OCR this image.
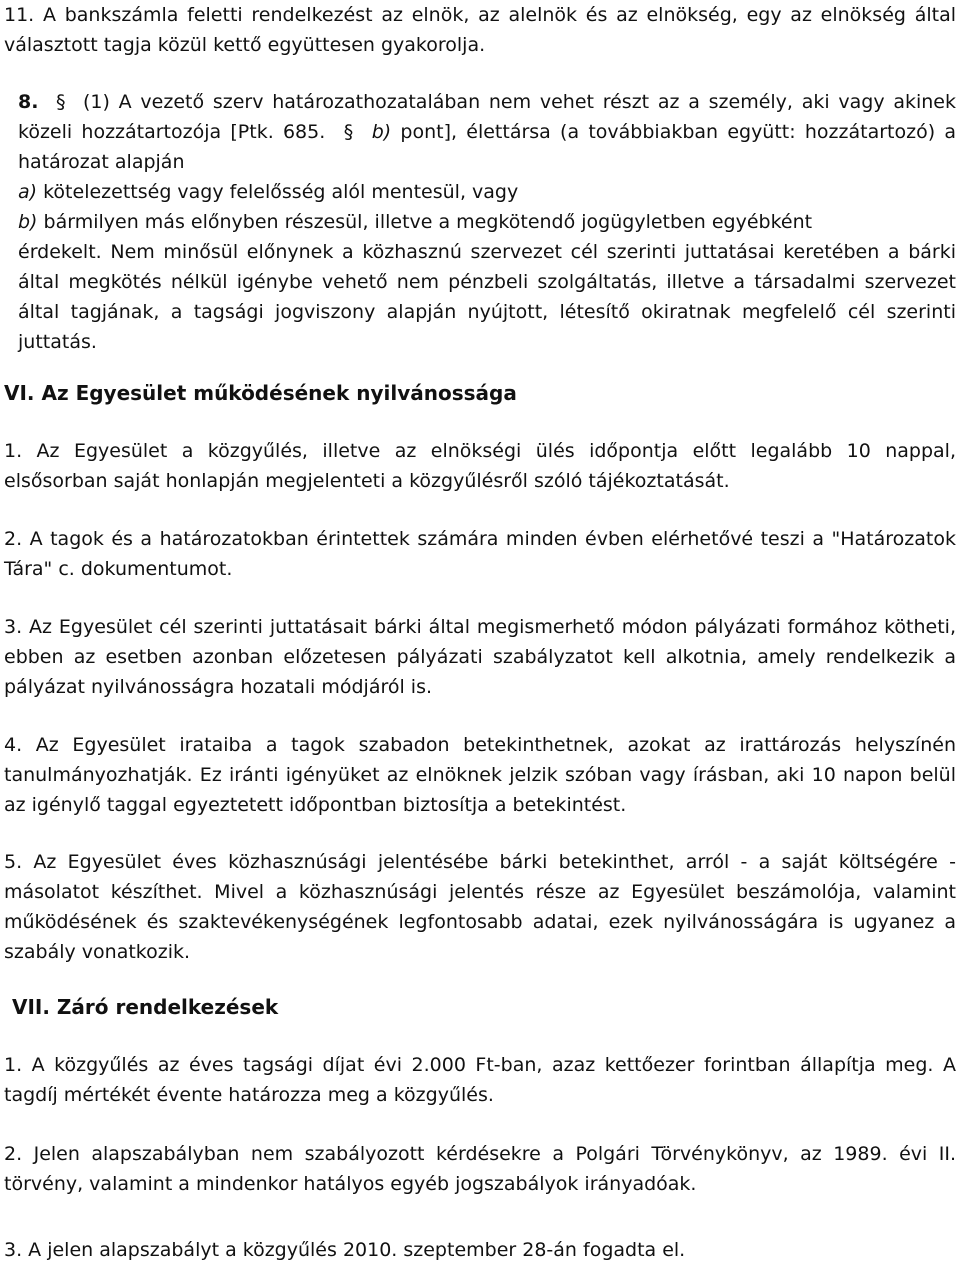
11. A bankszámla feletti rendelkezést az elnök, az alelnök és az elnökség, egy az elnökség által választott tagja közül kettő együttesen gyakorolja.

8.  §  (1) A vezető szerv határozathozatalában nem vehet részt az a személy, aki vagy akinek közeli hozzátartozója [Ptk. 685.  §  b) pont], élettársa (a továbbiakban együtt: hozzátartozó) a határozat alapján
a) kötelezettség vagy felelősség alól mentesül, vagy
b) bármilyen más előnyben részesül, illetve a megkötendő jogügyletben egyébként
érdekelt. Nem minősül előnynek a közhasznú szervezet cél szerinti juttatásai keretében a bárki által megkötés nélkül igénybe vehető nem pénzbeli szolgáltatás, illetve a társadalmi szervezet által tagjának, a tagsági jogviszony alapján nyújtott, létesítő okiratnak megfelelő cél szerinti juttatás.
VI. Az Egyesület működésének nyilvánossága

1. Az Egyesület a közgyűlés, illetve az elnökségi ülés időpontja előtt legalább 10 nappal, elsősorban saját honlapján megjelenteti a közgyűlésről szóló tájékoztatását.

2. A tagok és a határozatokban érintettek számára minden évben elérhetővé teszi a "Határozatok Tára" c. dokumentumot.

3. Az Egyesület cél szerinti juttatásait bárki által megismerhető módon pályázati formához kötheti, ebben az esetben azonban előzetesen pályázati szabályzatot kell alkotnia, amely rendelkezik a pályázat nyilvánosságra hozatali módjáról is.

4. Az Egyesület irataiba a tagok szabadon betekinthetnek, azokat az irattározás helyszínén tanulmányozhatják. Ez iránti igényüket az elnöknek jelzik szóban vagy írásban, aki 10 napon belül az igénylő taggal egyeztetett időpontban biztosítja a betekintést.

5. Az Egyesület éves közhasznúsági jelentésébe bárki betekinthet, arról - a saját költségére - másolatot készíthet. Mivel a közhasznúsági jelentés része az Egyesület beszámolója, valamint működésének és szaktevékenységének legfontosabb adatai, ezek nyilvánosságára is ugyanez a szabály vonatkozik.

VII. Záró rendelkezések

1. A közgyűlés az éves tagsági díjat évi 2.000 Ft-ban, azaz kettőezer forintban állapítja meg. A tagdíj mértékét évente határozza meg a közgyűlés.

2. Jelen alapszabályban nem szabályozott kérdésekre a Polgári Törvénykönyv, az 1989. évi II. törvény, valamint a mindenkor hatályos egyéb jogszabályok irányadóak.

3. A jelen alapszabályt a közgyűlés 2010. szeptember 28-án fogadta el.
